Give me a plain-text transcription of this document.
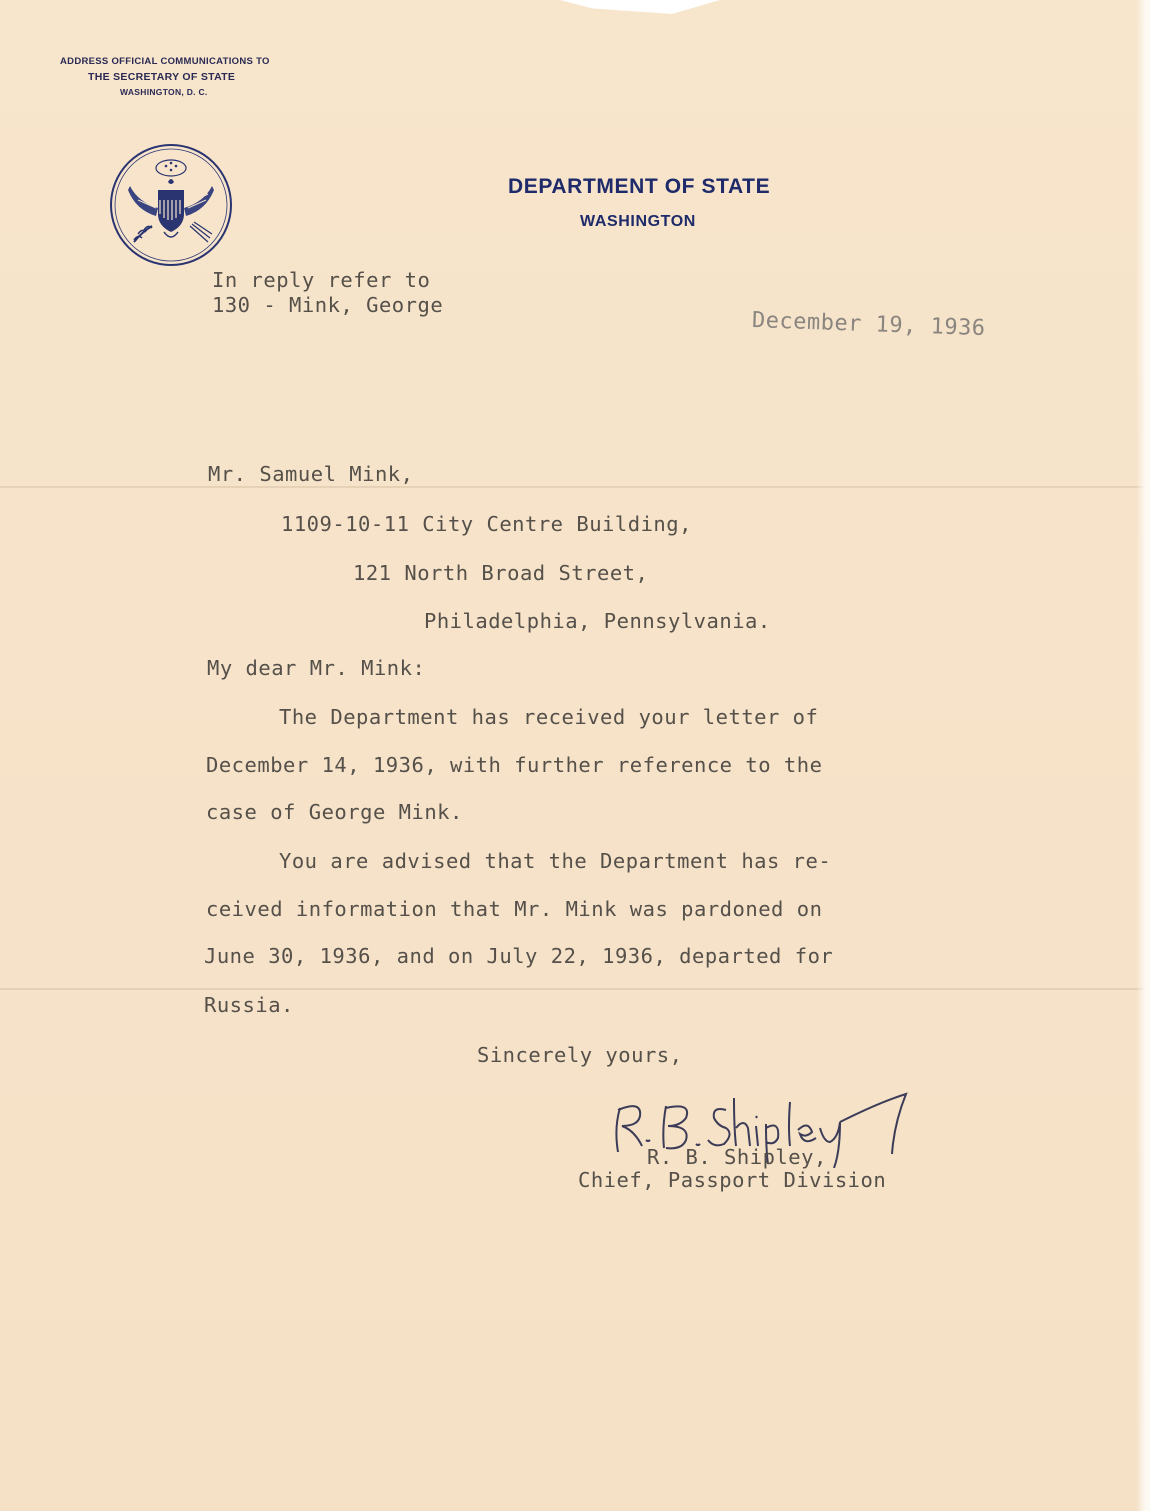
ADDRESS OFFICIAL COMMUNICATIONS TO
THE SECRETARY OF STATE
WASHINGTON, D. C.
DEPARTMENT OF STATE
WASHINGTON
In reply refer to
130 - Mink, George
December 19, 1936
Mr. Samuel Mink,
1109-10-11 City Centre Building,
121 North Broad Street,
Philadelphia, Pennsylvania.
My dear Mr. Mink:
The Department has received your letter of
December 14, 1936, with further reference to the
case of George Mink.
You are advised that the Department has re-
ceived information that Mr. Mink was pardoned on
June 30, 1936, and on July 22, 1936, departed for
Russia.
Sincerely yours,
R. B. Shipley,
Chief, Passport Division
